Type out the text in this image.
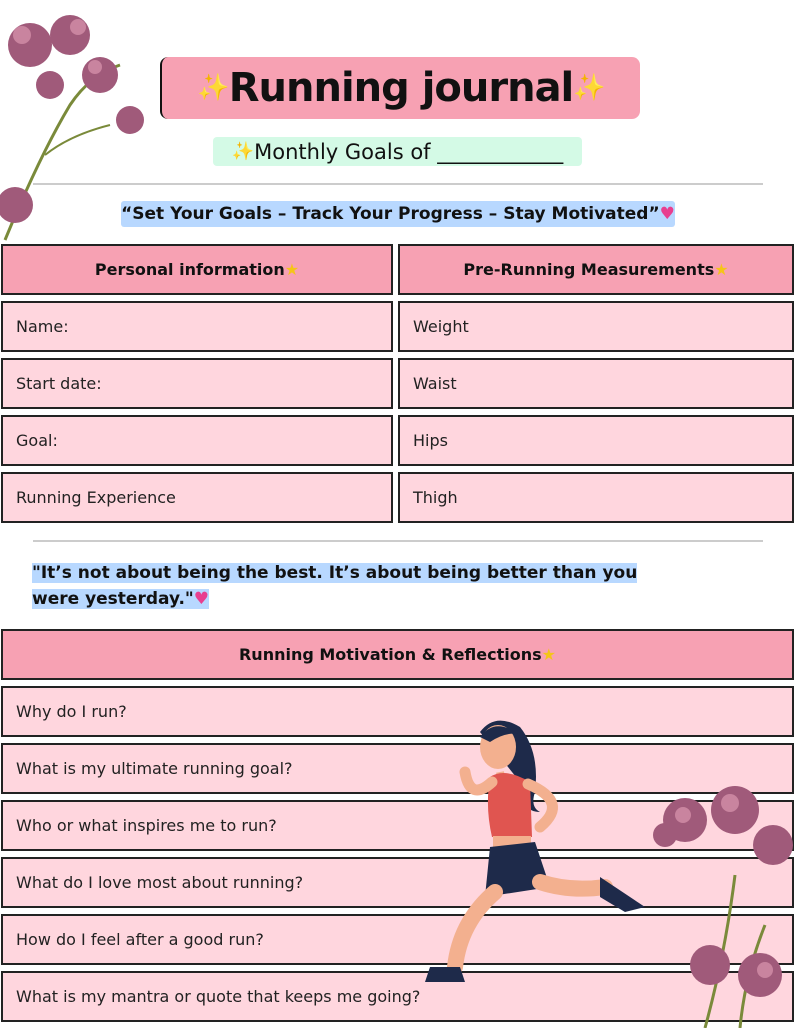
✨ Running journal ✨
✨ Monthly Goals of ____________
“Set Your Goals – Track Your Progress – Stay Motivated” ♥
Personal information ★	Pre-Running Measurements ★
Name:	Weight
Start date:	Waist
Goal:	Hips
Running Experience	Thigh
Running Motivation & Reflections ★
Why do I run?
What is my ultimate running goal?
Who or what inspires me to run?
What do I love most about running?
How do I feel after a good run?
What is my mantra or quote that keeps me going?
"It’s not about being the best. It’s about being better than you were yesterday."♥
